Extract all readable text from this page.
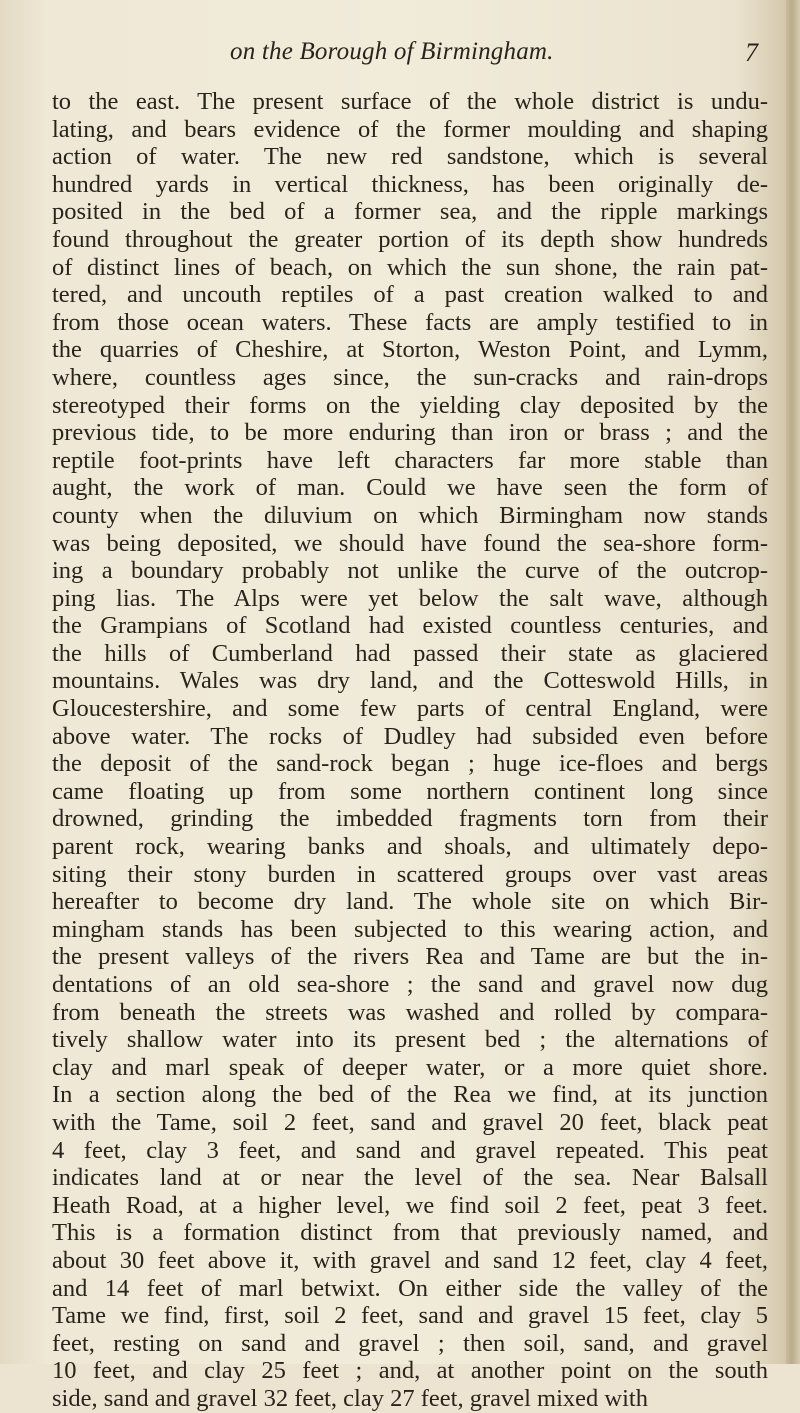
on the Borough of Birmingham.	7
to the east. The present surface of the whole district is undu-
lating, and bears evidence of the former moulding and shaping
action of water. The new red sandstone, which is several
hundred yards in vertical thickness, has been originally de-
posited in the bed of a former sea, and the ripple markings
found throughout the greater portion of its depth show hundreds
of distinct lines of beach, on which the sun shone, the rain pat-
tered, and uncouth reptiles of a past creation walked to and
from those ocean waters. These facts are amply testified to in
the quarries of Cheshire, at Storton, Weston Point, and Lymm,
where, countless ages since, the sun-cracks and rain-drops
stereotyped their forms on the yielding clay deposited by the
previous tide, to be more enduring than iron or brass ; and the
reptile foot-prints have left characters far more stable than
aught, the work of man. Could we have seen the form of
county when the diluvium on which Birmingham now stands
was being deposited, we should have found the sea-shore form-
ing a boundary probably not unlike the curve of the outcrop-
ping lias. The Alps were yet below the salt wave, although
the Grampians of Scotland had existed countless centuries, and
the hills of Cumberland had passed their state as glaciered
mountains. Wales was dry land, and the Cotteswold Hills, in
Gloucestershire, and some few parts of central England, were
above water. The rocks of Dudley had subsided even before
the deposit of the sand-rock began ; huge ice-floes and bergs
came floating up from some northern continent long since
drowned, grinding the imbedded fragments torn from their
parent rock, wearing banks and shoals, and ultimately depo-
siting their stony burden in scattered groups over vast areas
hereafter to become dry land. The whole site on which Bir-
mingham stands has been subjected to this wearing action, and
the present valleys of the rivers Rea and Tame are but the in-
dentations of an old sea-shore ; the sand and gravel now dug
from beneath the streets was washed and rolled by compara-
tively shallow water into its present bed ; the alternations of
clay and marl speak of deeper water, or a more quiet shore.
In a section along the bed of the Rea we find, at its junction
with the Tame, soil 2 feet, sand and gravel 20 feet, black peat
4 feet, clay 3 feet, and sand and gravel repeated. This peat
indicates land at or near the level of the sea. Near Balsall
Heath Road, at a higher level, we find soil 2 feet, peat 3 feet.
This is a formation distinct from that previously named, and
about 30 feet above it, with gravel and sand 12 feet, clay 4 feet,
and 14 feet of marl betwixt. On either side the valley of the
Tame we find, first, soil 2 feet, sand and gravel 15 feet, clay 5
feet, resting on sand and gravel ; then soil, sand, and gravel
10 feet, and clay 25 feet ; and, at another point on the south
side, sand and gravel 32 feet, clay 27 feet, gravel mixed with
